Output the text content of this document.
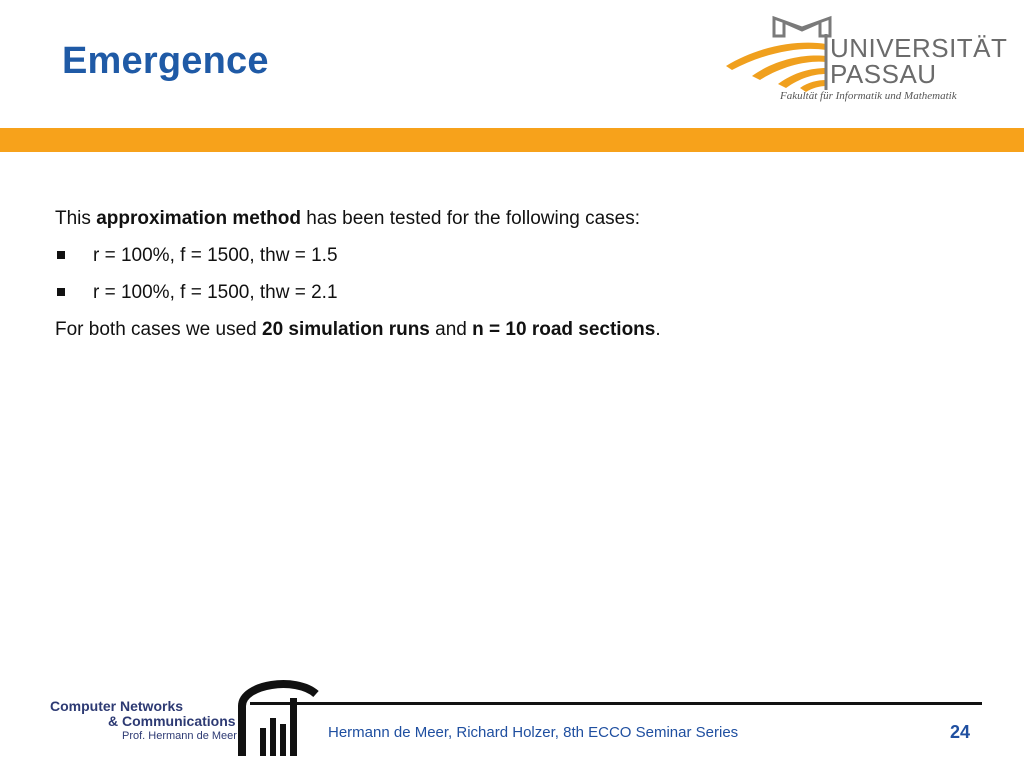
Emergence	UNIVERSITÄT
PASSAU
Fakultät für Informatik und Mathematik

This approximation method has been tested for the following cases:

r = 100%, f = 1500, thw = 1.5

r = 100%, f = 1500, thw = 2.1

For both cases we used 20 simulation runs and n = 10 road sections.

Computer Networks
& Communications
Prof. Hermann de Meer	Hermann de Meer, Richard Holzer, 8th ECCO Seminar Series	24
